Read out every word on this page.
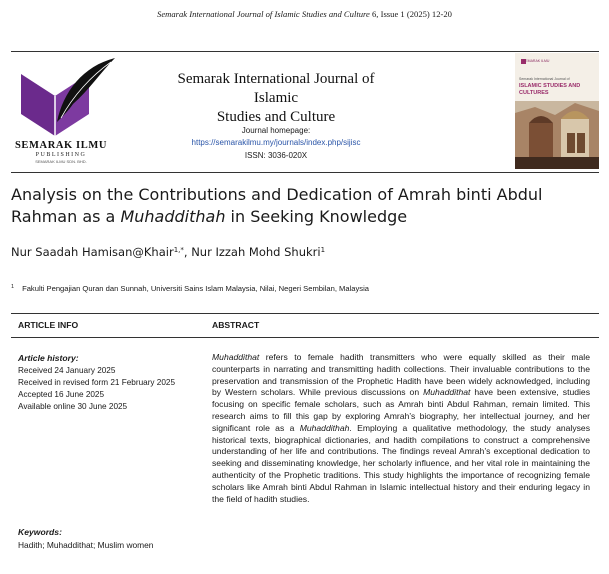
Semarak International Journal of Islamic Studies and Culture 6, Issue 1 (2025) 12-20
SEMARAK ILMU
PUBLISHING
SEMARAK ILMU SDN. BHD.
Semarak International Journal of Islamic
Studies and Culture
Journal homepage:
https://semarakilmu.my/journals/index.php/sijisc
ISSN: 3036-020X
SEMARAK ILMU
Semarak International Journal of
ISLAMIC STUDIES AND CULTURES
Analysis on the Contributions and Dedication of Amrah binti Abdul Rahman as a Muhaddithah in Seeking Knowledge
Nur Saadah Hamisan@Khair$^{1,*}$, Nur Izzah Mohd Shukri$^1$
$^1$ Fakulti Pengajian Quran dan Sunnah, Universiti Sains Islam Malaysia, Nilai, Negeri Sembilan, Malaysia
ARTICLE INFO	ABSTRACT
Article history:
Received 24 January 2025
Received in revised form 21 February 2025
Accepted 16 June 2025
Available online 30 June 2025
Keywords:
Hadith; Muhaddithat; Muslim women
Muhaddithat refers to female hadith transmitters who were equally skilled as their male counterparts in narrating and transmitting hadith collections. Their invaluable contributions to the preservation and transmission of the Prophetic Hadith have been widely acknowledged, including by Western scholars. While previous discussions on Muhaddithat have been extensive, studies focusing on specific female scholars, such as Amrah binti Abdul Rahman, remain limited. This research aims to fill this gap by exploring Amrah’s biography, her intellectual journey, and her significant role as a Muhaddithah. Employing a qualitative methodology, the study analyses historical texts, biographical dictionaries, and hadith compilations to construct a comprehensive understanding of her life and contributions. The findings reveal Amrah’s exceptional dedication to seeking and disseminating knowledge, her scholarly influence, and her vital role in maintaining the authenticity of the Prophetic traditions. This study highlights the importance of recognizing female scholars like Amrah binti Abdul Rahman in Islamic intellectual history and their enduring legacy in the field of hadith studies.
